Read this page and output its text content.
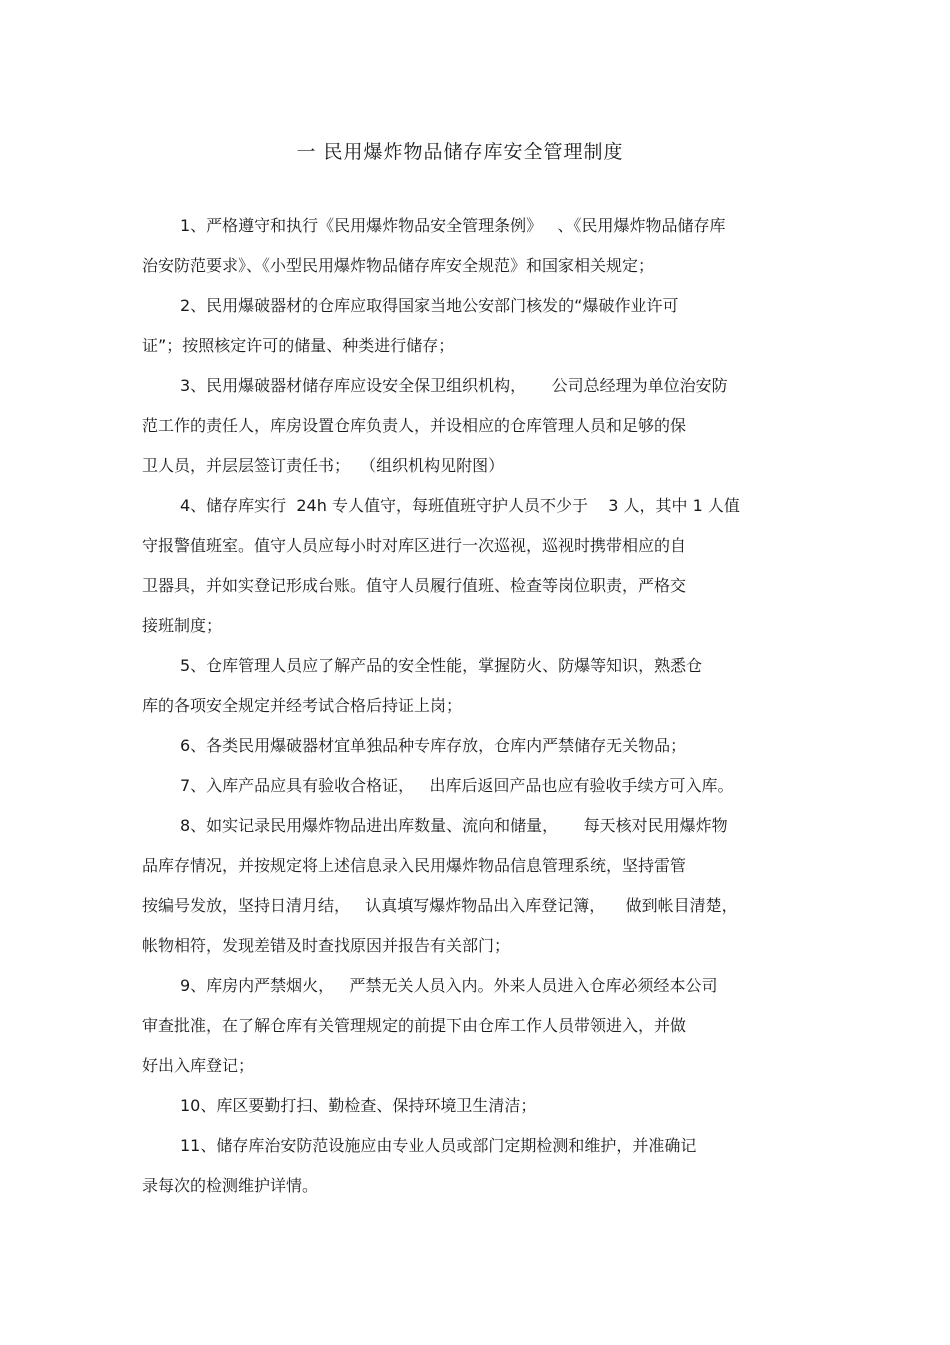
一 民用爆炸物品储存库安全管理制度
1、严格遵守和执行《民用爆炸物品安全管理条例》   、《民用爆炸物品储存库
治安防范要求》、《小型民用爆炸物品储存库安全规范》和国家相关规定；
2、民用爆破器材的仓库应取得国家当地公安部门核发的“爆破作业许可
证”；按照核定许可的储量、种类进行储存；
3、民用爆破器材储存库应设安全保卫组织机构，     公司总经理为单位治安防
范工作的责任人，库房设置仓库负责人，并设相应的仓库管理人员和足够的保
卫人员，并层层签订责任书；  （组织机构见附图）
4、储存库实行  24h 专人值守，每班值班守护人员不少于    3 人，其中 1 人值
守报警值班室。值守人员应每小时对库区进行一次巡视，巡视时携带相应的自
卫器具，并如实登记形成台账。值守人员履行值班、检查等岗位职责，严格交
接班制度；
5、仓库管理人员应了解产品的安全性能，掌握防火、防爆等知识，熟悉仓
库的各项安全规定并经考试合格后持证上岗；
6、各类民用爆破器材宜单独品种专库存放，仓库内严禁储存无关物品；
7、入库产品应具有验收合格证，   出库后返回产品也应有验收手续方可入库。
8、如实记录民用爆炸物品进出库数量、流向和储量，     每天核对民用爆炸物
品库存情况，并按规定将上述信息录入民用爆炸物品信息管理系统，坚持雷管
按编号发放，坚持日清月结，   认真填写爆炸物品出入库登记簿，    做到帐目清楚，
帐物相符，发现差错及时查找原因并报告有关部门；
9、库房内严禁烟火，   严禁无关人员入内。外来人员进入仓库必须经本公司
审查批准，在了解仓库有关管理规定的前提下由仓库工作人员带领进入，并做
好出入库登记；
10、库区要勤打扫、勤检查、保持环境卫生清洁；
11、储存库治安防范设施应由专业人员或部门定期检测和维护，并准确记
录每次的检测维护详情。
